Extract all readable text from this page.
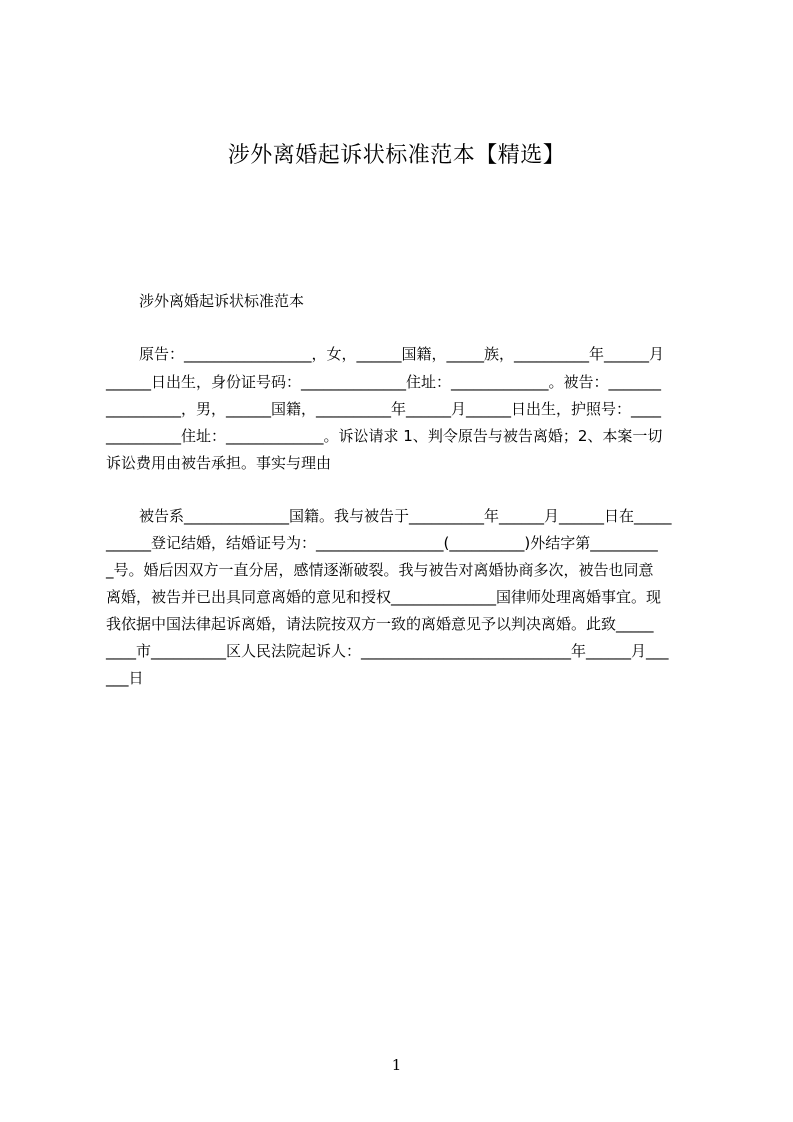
涉外离婚起诉状标准范本【精选】
涉外离婚起诉状标准范本
原告：_________________，女，______国籍，_____族，__________年______月
______日出生，身份证号码：______________住址：_____________。被告：_______
__________，男，______国籍，__________年______月______日出生，护照号：____
__________住址：_____________。诉讼请求 1、判令原告与被告离婚；2、本案一切
诉讼费用由被告承担。事实与理由
被告系______________国籍。我与被告于__________年______月______日在_____
______登记结婚，结婚证号为：_________________(__________)外结字第_________
_号。婚后因双方一直分居，感情逐渐破裂。我与被告对离婚协商多次，被告也同意
离婚，被告并已出具同意离婚的意见和授权______________国律师处理离婚事宜。现
我依据中国法律起诉离婚，请法院按双方一致的离婚意见予以判决离婚。此致_____
____市__________区人民法院起诉人：____________________________年______月___
___日
1
